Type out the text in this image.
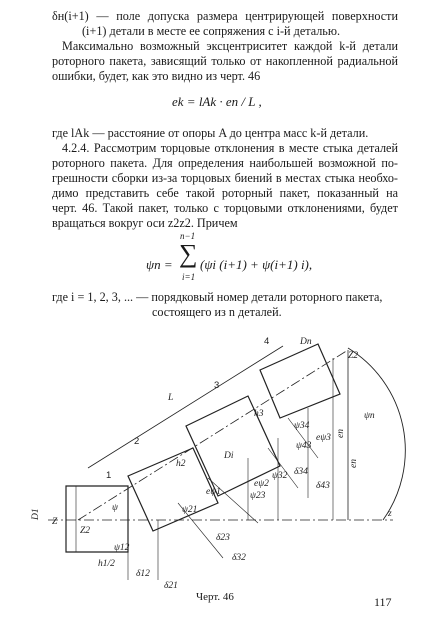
δн(i+1) — поле допуска размера центрирующей поверхности
(i+1) детали в месте ее сопряжения с i-й деталью.
Максимально возможный эксцентриситет каждой k-й детали
роторного пакета, зависящий только от накопленной радиальной
ошибки, будет, как это видно из черт. 46
ek = lAk · en / L ,
где lAk — расстояние от опоры A до центра масс k-й детали.
4.2.4. Рассмотрим торцовые отклонения в месте стыка деталей
роторного пакета. Для определения наибольшей возможной по-
грешности сборки из-за торцовых биений в местах стыка необхо-
димо представить себе такой роторный пакет, показанный на
черт. 46. Такой пакет, только с торцовыми отклонениями, будет
вращаться вокруг оси z2z2. Причем
ψn =
n−1
∑
i=1
(ψi (i+1) + ψ(i+1) i),
где i = 1, 2, 3, ... — порядковый номер детали роторного пакета,
состоящего из n деталей.
1
2
3
4
L
D1
Dn
Di
z
Z2
Z2
Z
ψ
ψn
en
eп
h1/2
h2
h3
δ12
δ21
δ23
δ32
δ34
δ43
ψ12
ψ21
ψ23
ψ32
ψ34
ψ43
eψ1
eψ2
eψ3
Черт. 46	117
